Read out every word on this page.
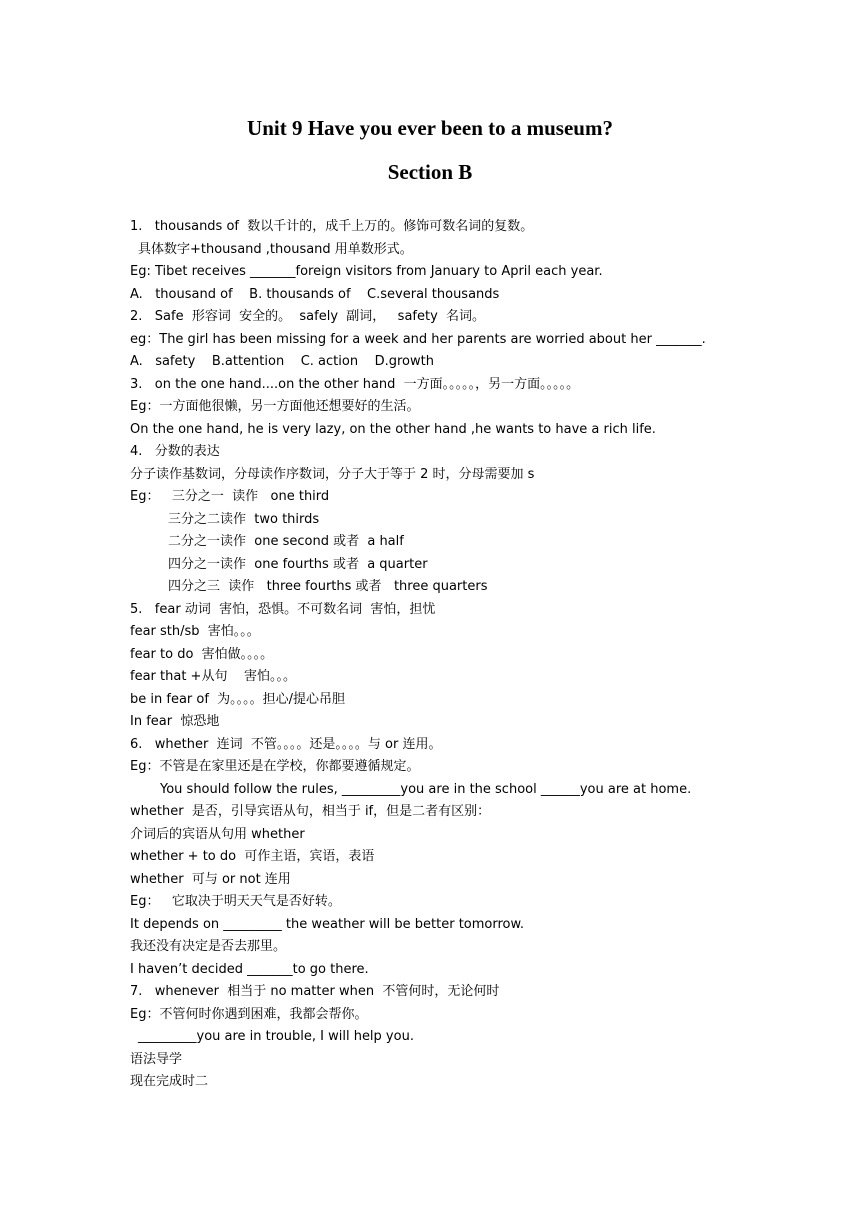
Unit 9 Have you ever been to a museum?
Section B
1.   thousands of  数以千计的，成千上万的。修饰可数名词的复数。
具体数字+thousand ,thousand 用单数形式。
Eg: Tibet receives _______foreign visitors from January to April each year.
A.   thousand of    B. thousands of    C.several thousands
2.   Safe  形容词  安全的。  safely  副词，   safety  名词。
eg：The girl has been missing for a week and her parents are worried about her _______.
A.   safety    B.attention    C. action    D.growth
3.   on the one hand....on the other hand  一方面。。。。。，另一方面。。。。。
Eg：一方面他很懒，另一方面他还想要好的生活。
On the one hand, he is very lazy, on the other hand ,he wants to have a rich life.
4.   分数的表达
分子读作基数词，分母读作序数词，分子大于等于 2 时，分母需要加 s
Eg：   三分之一  读作   one third
三分之二读作  two thirds
二分之一读作  one second 或者  a half
四分之一读作  one fourths 或者  a quarter
四分之三  读作   three fourths 或者   three quarters
5.   fear 动词  害怕，恐惧。不可数名词  害怕，担忧
fear sth/sb  害怕。。。
fear to do  害怕做。。。。
fear that +从句    害怕。。。
be in fear of  为。。。。担心/提心吊胆
In fear  惊恐地
6.   whether  连词  不管。。。。还是。。。。与 or 连用。
Eg：不管是在家里还是在学校，你都要遵循规定。
You should follow the rules, _________you are in the school ______you are at home.
whether  是否，引导宾语从句，相当于 if，但是二者有区别：
介词后的宾语从句用 whether
whether + to do  可作主语，宾语，表语
whether  可与 or not 连用
Eg：   它取决于明天天气是否好转。
It depends on _________ the weather will be better tomorrow.
我还没有决定是否去那里。
I haven’t decided _______to go there.
7.   whenever  相当于 no matter when  不管何时，无论何时
Eg：不管何时你遇到困难，我都会帮你。
_________you are in trouble, I will help you.
语法导学
现在完成时二
